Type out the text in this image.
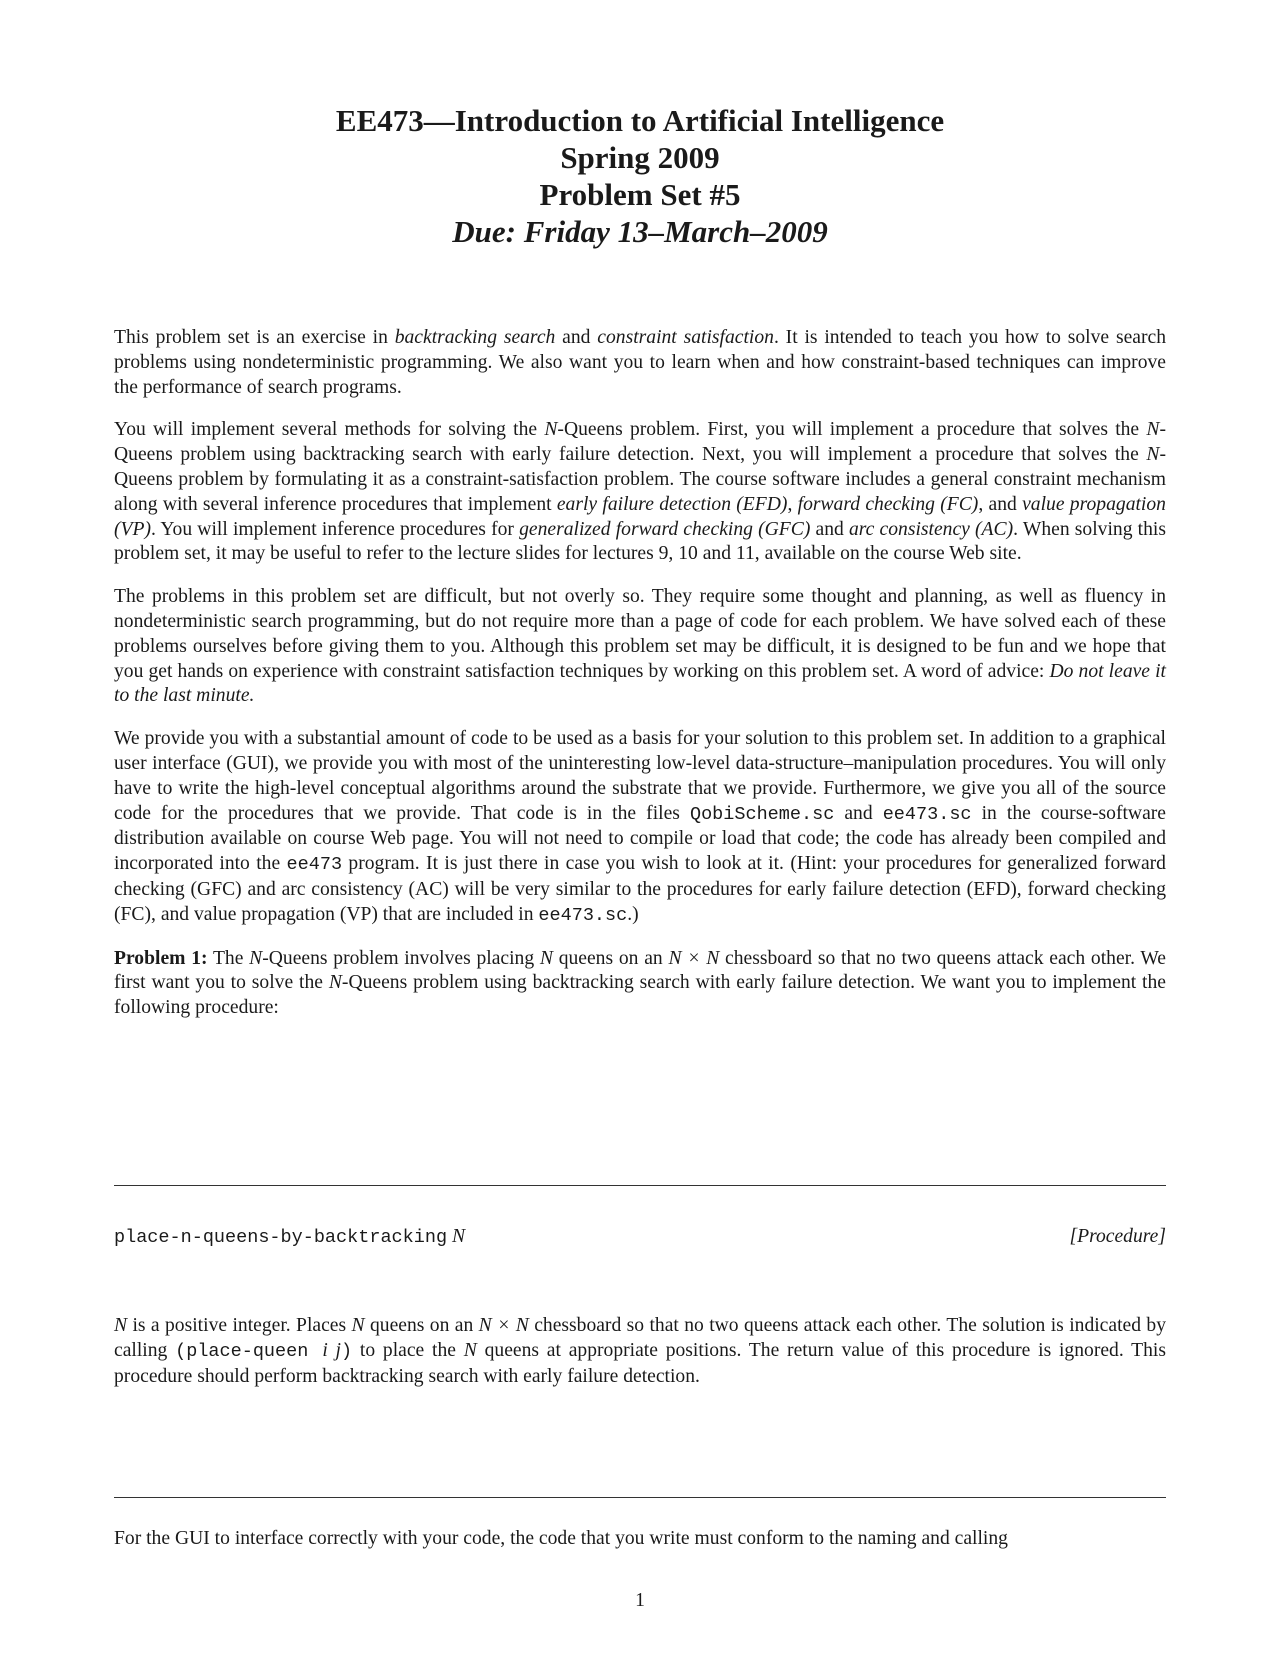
EE473—Introduction to Artificial Intelligence

Spring 2009

Problem Set #5

Due: Friday 13–March–2009

This problem set is an exercise in backtracking search and constraint satisfaction. It is intended to teach you how to solve search problems using nondeterministic programming. We also want you to learn when and how constraint-based techniques can improve the performance of search programs.

You will implement several methods for solving the N-Queens problem. First, you will implement a procedure that solves the N-Queens problem using backtracking search with early failure detection. Next, you will implement a procedure that solves the N-Queens problem by formulating it as a constraint-satisfaction problem. The course software includes a general constraint mechanism along with several inference procedures that implement early failure detection (EFD), forward checking (FC), and value propagation (VP). You will implement inference procedures for generalized forward checking (GFC) and arc consistency (AC). When solving this problem set, it may be useful to refer to the lecture slides for lectures 9, 10 and 11, available on the course Web site.

The problems in this problem set are difficult, but not overly so. They require some thought and planning, as well as fluency in nondeterministic search programming, but do not require more than a page of code for each problem. We have solved each of these problems ourselves before giving them to you. Although this problem set may be difficult, it is designed to be fun and we hope that you get hands on experience with constraint satisfaction techniques by working on this problem set. A word of advice: Do not leave it to the last minute.

We provide you with a substantial amount of code to be used as a basis for your solution to this problem set. In addition to a graphical user interface (GUI), we provide you with most of the uninteresting low-level data-structure–manipulation procedures. You will only have to write the high-level conceptual algorithms around the substrate that we provide. Furthermore, we give you all of the source code for the procedures that we provide. That code is in the files QobiScheme.sc and ee473.sc in the course-software distribution available on course Web page. You will not need to compile or load that code; the code has already been compiled and incorporated into the ee473 program. It is just there in case you wish to look at it. (Hint: your procedures for generalized forward checking (GFC) and arc consistency (AC) will be very similar to the procedures for early failure detection (EFD), forward checking (FC), and value propagation (VP) that are included in ee473.sc.)

Problem 1: The N-Queens problem involves placing N queens on an N × N chessboard so that no two queens attack each other. We first want you to solve the N-Queens problem using backtracking search with early failure detection. We want you to implement the following procedure:

place-n-queens-by-backtracking N	[Procedure]

N is a positive integer. Places N queens on an N × N chessboard so that no two queens attack each other. The solution is indicated by calling (place-queen i j) to place the N queens at appropriate positions. The return value of this procedure is ignored. This procedure should perform backtracking search with early failure detection.

For the GUI to interface correctly with your code, the code that you write must conform to the naming and calling

1
